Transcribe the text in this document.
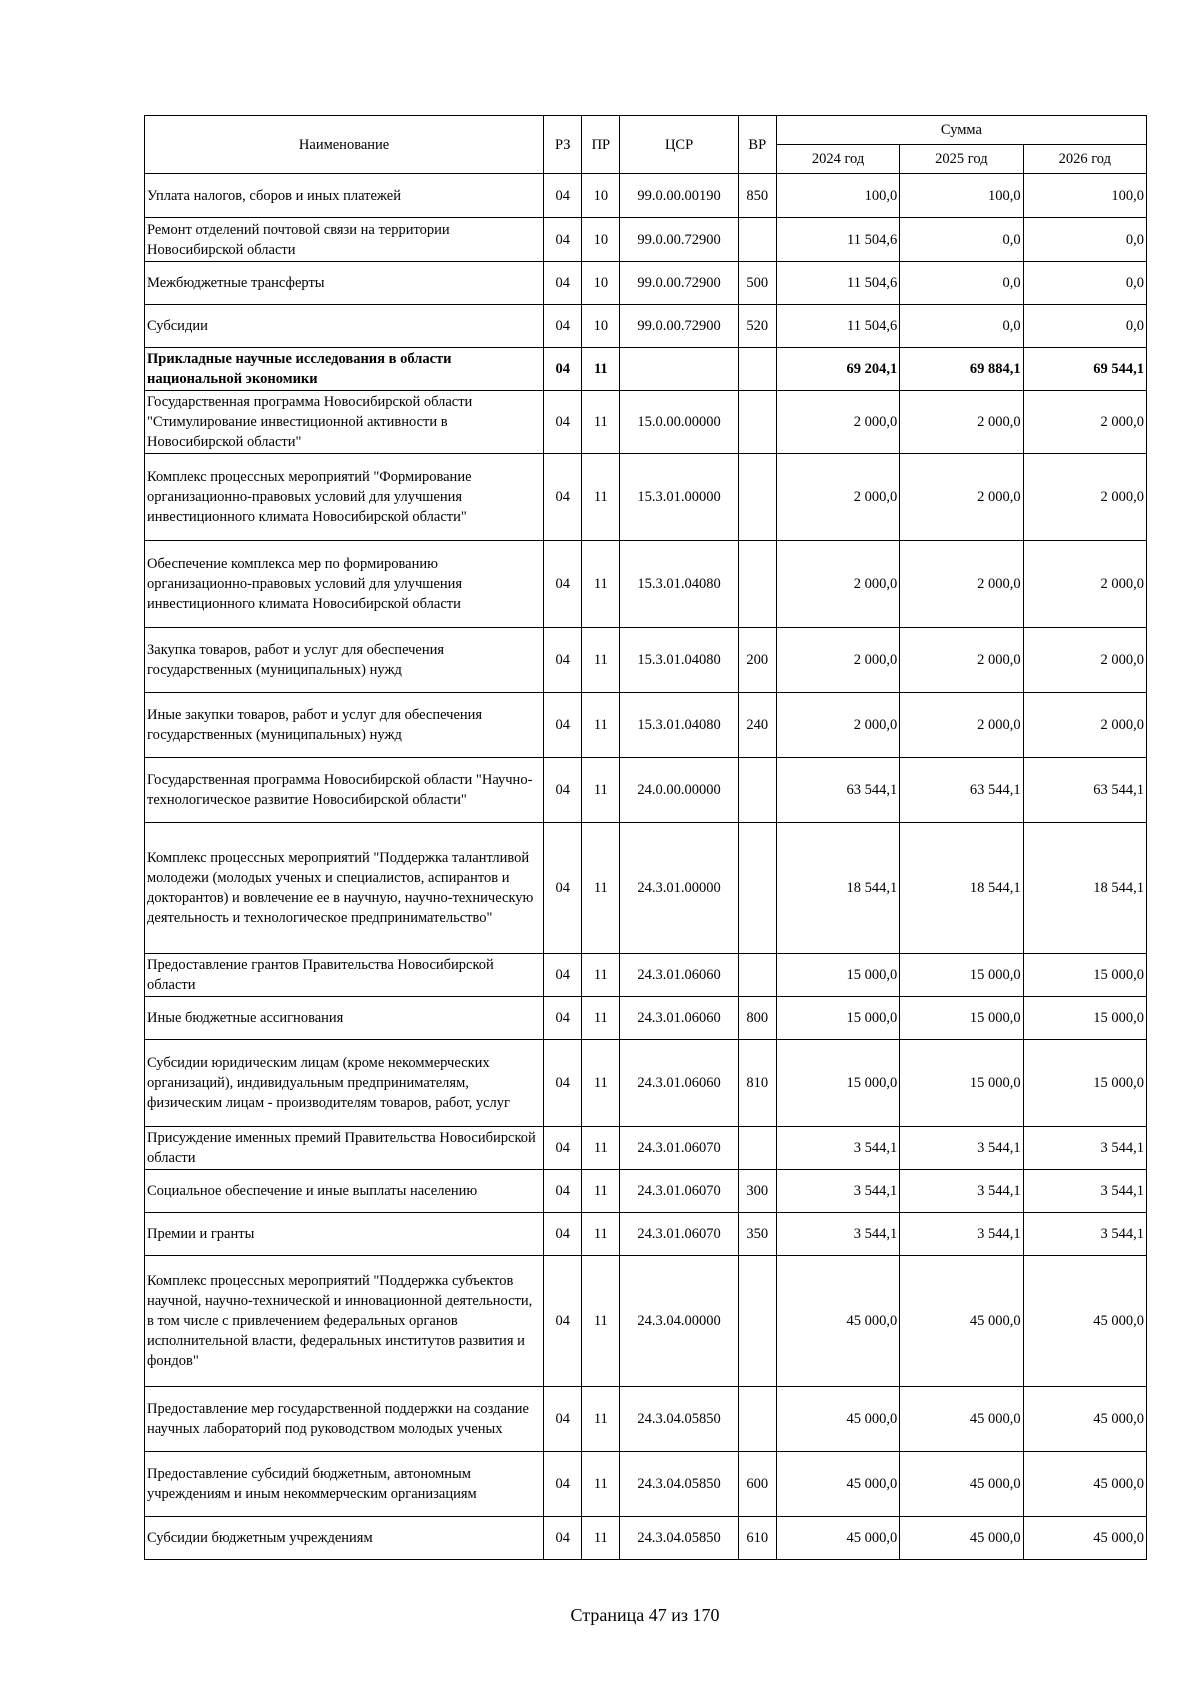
Наименование	РЗ	ПР	ЦСР	ВР	Сумма		
					2024 год	2025 год	2026 год
Уплата налогов, сборов и иных платежей	04	10	99.0.00.00190	850	100,0	100,0	100,0
Ремонт отделений почтовой связи на территории Новосибирской области	04	10	99.0.00.72900		11 504,6	0,0	0,0
Межбюджетные трансферты	04	10	99.0.00.72900	500	11 504,6	0,0	0,0
Субсидии	04	10	99.0.00.72900	520	11 504,6	0,0	0,0
Прикладные научные исследования в области национальной экономики	04	11			69 204,1	69 884,1	69 544,1
Государственная программа Новосибирской области "Стимулирование инвестиционной активности в Новосибирской области"	04	11	15.0.00.00000		2 000,0	2 000,0	2 000,0
Комплекс процессных мероприятий "Формирование организационно-правовых условий для улучшения инвестиционного климата Новосибирской области"	04	11	15.3.01.00000		2 000,0	2 000,0	2 000,0
Обеспечение комплекса мер по формированию организационно-правовых условий для улучшения инвестиционного климата Новосибирской области	04	11	15.3.01.04080		2 000,0	2 000,0	2 000,0
Закупка товаров, работ и услуг для обеспечения государственных (муниципальных) нужд	04	11	15.3.01.04080	200	2 000,0	2 000,0	2 000,0
Иные закупки товаров, работ и услуг для обеспечения государственных (муниципальных) нужд	04	11	15.3.01.04080	240	2 000,0	2 000,0	2 000,0
Государственная программа Новосибирской области "Научно-технологическое развитие Новосибирской области"	04	11	24.0.00.00000		63 544,1	63 544,1	63 544,1
Комплекс процессных мероприятий "Поддержка талантливой молодежи (молодых ученых и специалистов, аспирантов и докторантов) и вовлечение ее в научную, научно-техническую деятельность и технологическое предпринимательство"	04	11	24.3.01.00000		18 544,1	18 544,1	18 544,1
Предоставление грантов Правительства Новосибирской области	04	11	24.3.01.06060		15 000,0	15 000,0	15 000,0
Иные бюджетные ассигнования	04	11	24.3.01.06060	800	15 000,0	15 000,0	15 000,0
Субсидии юридическим лицам (кроме некоммерческих организаций), индивидуальным предпринимателям, физическим лицам - производителям товаров, работ, услуг	04	11	24.3.01.06060	810	15 000,0	15 000,0	15 000,0
Присуждение именных премий Правительства Новосибирской области	04	11	24.3.01.06070		3 544,1	3 544,1	3 544,1
Социальное обеспечение и иные выплаты населению	04	11	24.3.01.06070	300	3 544,1	3 544,1	3 544,1
Премии и гранты	04	11	24.3.01.06070	350	3 544,1	3 544,1	3 544,1
Комплекс процессных мероприятий "Поддержка субъектов научной, научно-технической и инновационной деятельности, в том числе с привлечением федеральных органов исполнительной власти, федеральных институтов развития и фондов"	04	11	24.3.04.00000		45 000,0	45 000,0	45 000,0
Предоставление мер государственной поддержки на создание научных лабораторий под руководством молодых ученых	04	11	24.3.04.05850		45 000,0	45 000,0	45 000,0
Предоставление субсидий бюджетным, автономным учреждениям и иным некоммерческим организациям	04	11	24.3.04.05850	600	45 000,0	45 000,0	45 000,0
Субсидии бюджетным учреждениям	04	11	24.3.04.05850	610	45 000,0	45 000,0	45 000,0
Страница 47 из 170
